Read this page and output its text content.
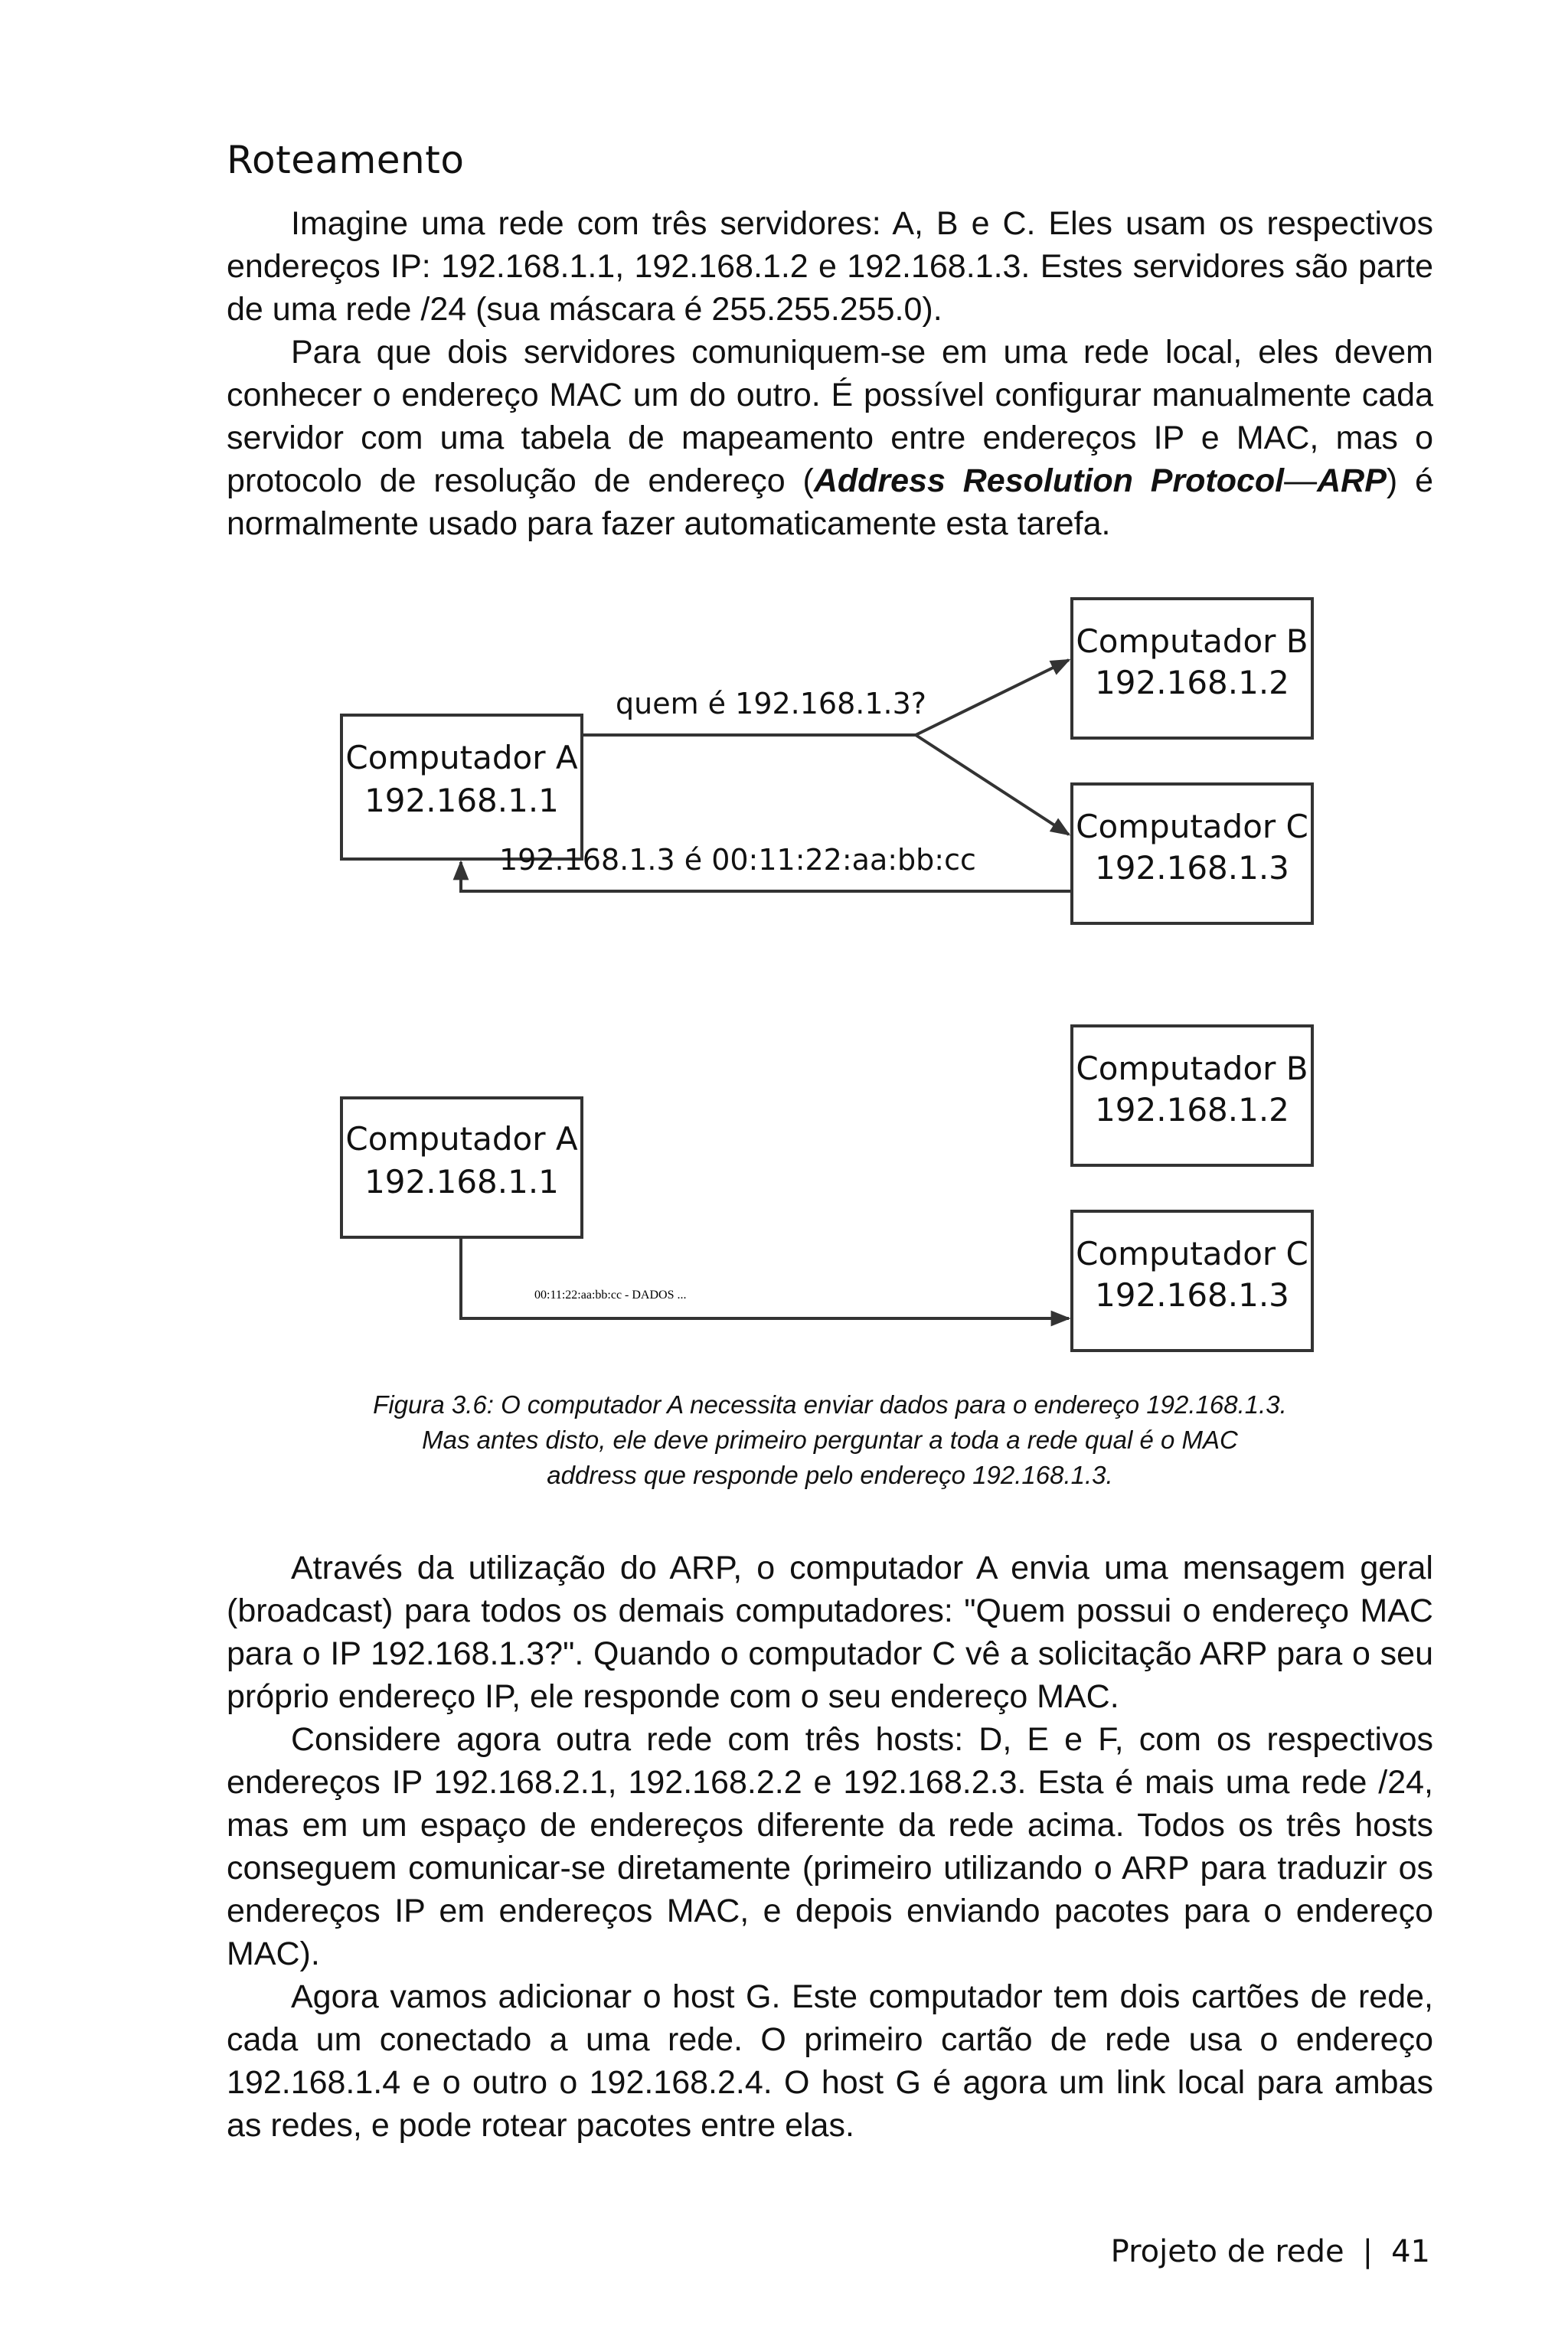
Roteamento

Imagine uma rede com três servidores: A, B e C. Eles usam os respectivos endereços IP: 192.168.1.1, 192.168.1.2 e 192.168.1.3. Estes servidores são parte de uma rede /24 (sua máscara é 255.255.255.0).

Para que dois servidores comuniquem-se em uma rede local, eles devem conhecer o endereço MAC um do outro. É possível configurar manualmente cada servidor com uma tabela de mapeamento entre endereços IP e MAC, mas o protocolo de resolução de endereço (Address Resolution Protocol—ARP) é normalmente usado para fazer automaticamente esta tarefa.

Computador A
192.168.1.1
Computador B
192.168.1.2
Computador C
192.168.1.3
quem é 192.168.1.3?
192.168.1.3 é 00:11:22:aa:bb:cc
Computador A
192.168.1.1
Computador B
192.168.1.2
Computador C
192.168.1.3
00:11:22:aa:bb:cc - DADOS ...
Figura 3.6: O computador A necessita enviar dados para o endereço 192.168.1.3.
Mas antes disto, ele deve primeiro perguntar a toda a rede qual é o MAC
address que responde pelo endereço 192.168.1.3.

Através da utilização do ARP, o computador A envia uma mensagem geral (broadcast) para todos os demais computadores: "Quem possui o endereço MAC para o IP 192.168.1.3?". Quando o computador C vê a solicitação ARP para o seu próprio endereço IP, ele responde com o seu endereço MAC.

Considere agora outra rede com três hosts: D, E e F, com os respectivos endereços IP 192.168.2.1, 192.168.2.2 e 192.168.2.3. Esta é mais uma rede /24, mas em um espaço de endereços diferente da rede acima. Todos os três hosts conseguem comunicar-se diretamente (primeiro utilizando o ARP para traduzir os endereços IP em endereços MAC, e depois enviando pacotes para o endereço MAC).

Agora vamos adicionar o host G. Este computador tem dois cartões de rede, cada um conectado a uma rede. O primeiro cartão de rede usa o endereço 192.168.1.4 e o outro o 192.168.2.4. O host G é agora um link local para ambas as redes, e pode rotear pacotes entre elas.

Projeto de rede | 41
